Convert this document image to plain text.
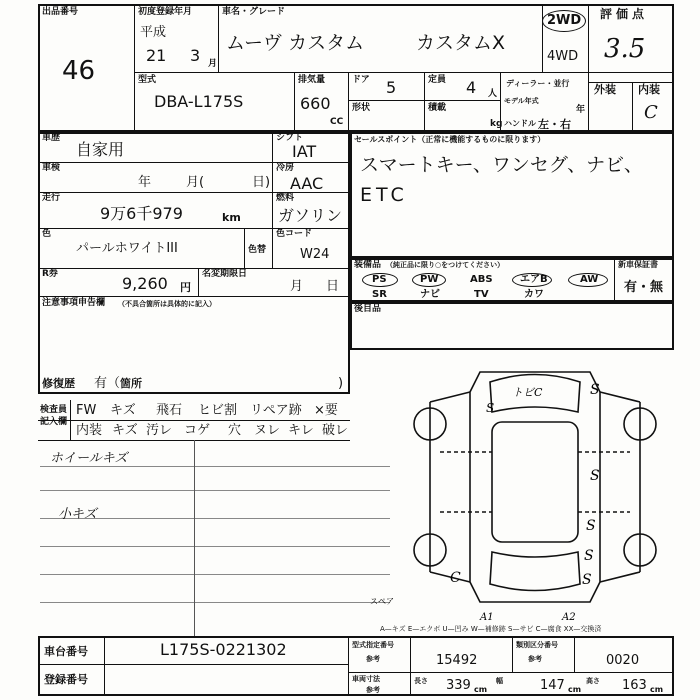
出品番号
46
初度登録年月
平成
21 3 月
車名・グレード
ムーヴ カスタム	カスタムX
2WD
4WD
評価点
3.5
型式
DBA-L175S
排気量
660
CC
ドア 5
形状
定員 4 人
積載
kg
ディーラー・並行
モデル年式
年
ハンドル 左・右
外装 内装
C
車歴
自家用
シフト
IAT
車検
年	月(	日)
冷房
AAC
走行
9万6千979	km
燃料
ガソリン
色
パールホワイトIII	色替
色コード
W24
R券	9,260 円
名変期限日
月 日
注意事項申告欄 （不具合箇所は具体的に記入）
修復歴 有（ 箇所	)
セールスポイント（正常に機能するものに限ります）
スマートキー、ワンセグ、ナビ、
ETC
装備品 （純正品に限り○をつけてください）	新車保証書
有・無
PS	PW	ABS	エアB	AW
SR	ナビ	TV	カワ
後目品
検査員
記入欄
FW キズ 飛石 ヒビ割 リペア跡 ×要
内装 キズ 汚レ コゲ 穴 ヌレ キレ 破レ
ホイールキズ
小キズ
トビC	S
S
S
S
S
C
S
A1	A2
スペア
A—キズ E—エクボ U—凹み W—補修跡 S—サビ C—腐食 XX—交換済
車台番号	L175S-0221302
登録番号
型式指定番号
参考	15492
類別区分番号
参考	0020
車両寸法
参考
長さ 339 cm
幅	147 cm
高さ 163 cm
